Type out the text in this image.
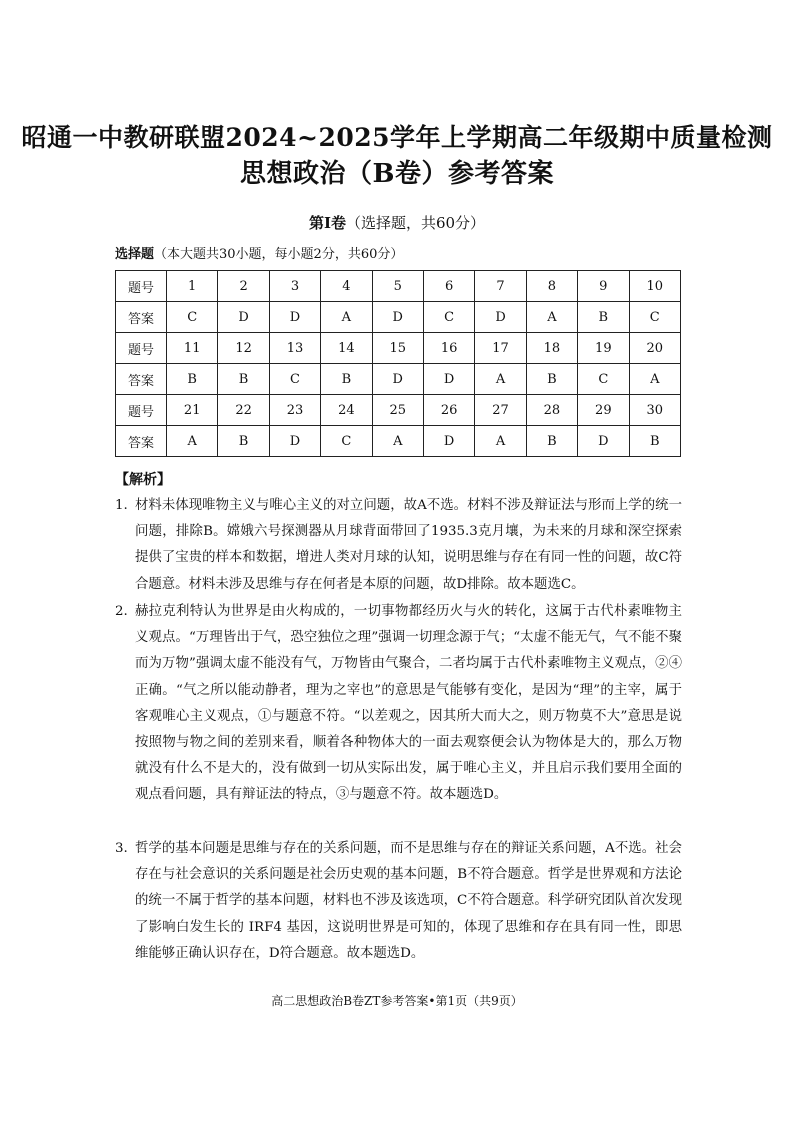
昭通一中教研联盟2024~2025学年上学期高二年级期中质量检测
思想政治（B卷）参考答案
第Ⅰ卷（选择题，共60分）
选择题（本大题共30小题，每小题2分，共60分）
题号	1	2	3	4	5	6	7	8	9	10
答案	C	D	D	A	D	C	D	A	B	C
题号	11	12	13	14	15	16	17	18	19	20
答案	B	B	C	B	D	D	A	B	C	A
题号	21	22	23	24	25	26	27	28	29	30
答案	A	B	D	C	A	D	A	B	D	B
【解析】
1. 材料未体现唯物主义与唯心主义的对立问题，故A不选。材料不涉及辩证法与形而上学的统一问题，排除B。嫦娥六号探测器从月球背面带回了1935.3克月壤，为未来的月球和深空探索提供了宝贵的样本和数据，增进人类对月球的认知，说明思维与存在有同一性的问题，故C符合题意。材料未涉及思维与存在何者是本原的问题，故D排除。故本题选C。
2. 赫拉克利特认为世界是由火构成的，一切事物都经历火与火的转化，这属于古代朴素唯物主义观点。“万理皆出于气，恐空独位之理”强调一切理念源于气；“太虚不能无气，气不能不聚而为万物”强调太虚不能没有气，万物皆由气聚合，二者均属于古代朴素唯物主义观点，②④正确。“气之所以能动静者，理为之宰也”的意思是气能够有变化，是因为“理”的主宰，属于客观唯心主义观点，①与题意不符。“以差观之，因其所大而大之，则万物莫不大”意思是说按照物与物之间的差别来看，顺着各种物体大的一面去观察便会认为物体是大的，那么万物就没有什么不是大的，没有做到一切从实际出发，属于唯心主义，并且启示我们要用全面的观点看问题，具有辩证法的特点，③与题意不符。故本题选D。
3. 哲学的基本问题是思维与存在的关系问题，而不是思维与存在的辩证关系问题，A不选。社会存在与社会意识的关系问题是社会历史观的基本问题，B不符合题意。哲学是世界观和方法论的统一不属于哲学的基本问题，材料也不涉及该选项，C不符合题意。科学研究团队首次发现了影响白发生长的 IRF4 基因，这说明世界是可知的，体现了思维和存在具有同一性，即思维能够正确认识存在，D符合题意。故本题选D。
高二思想政治B卷ZT参考答案•第1页（共9页）
